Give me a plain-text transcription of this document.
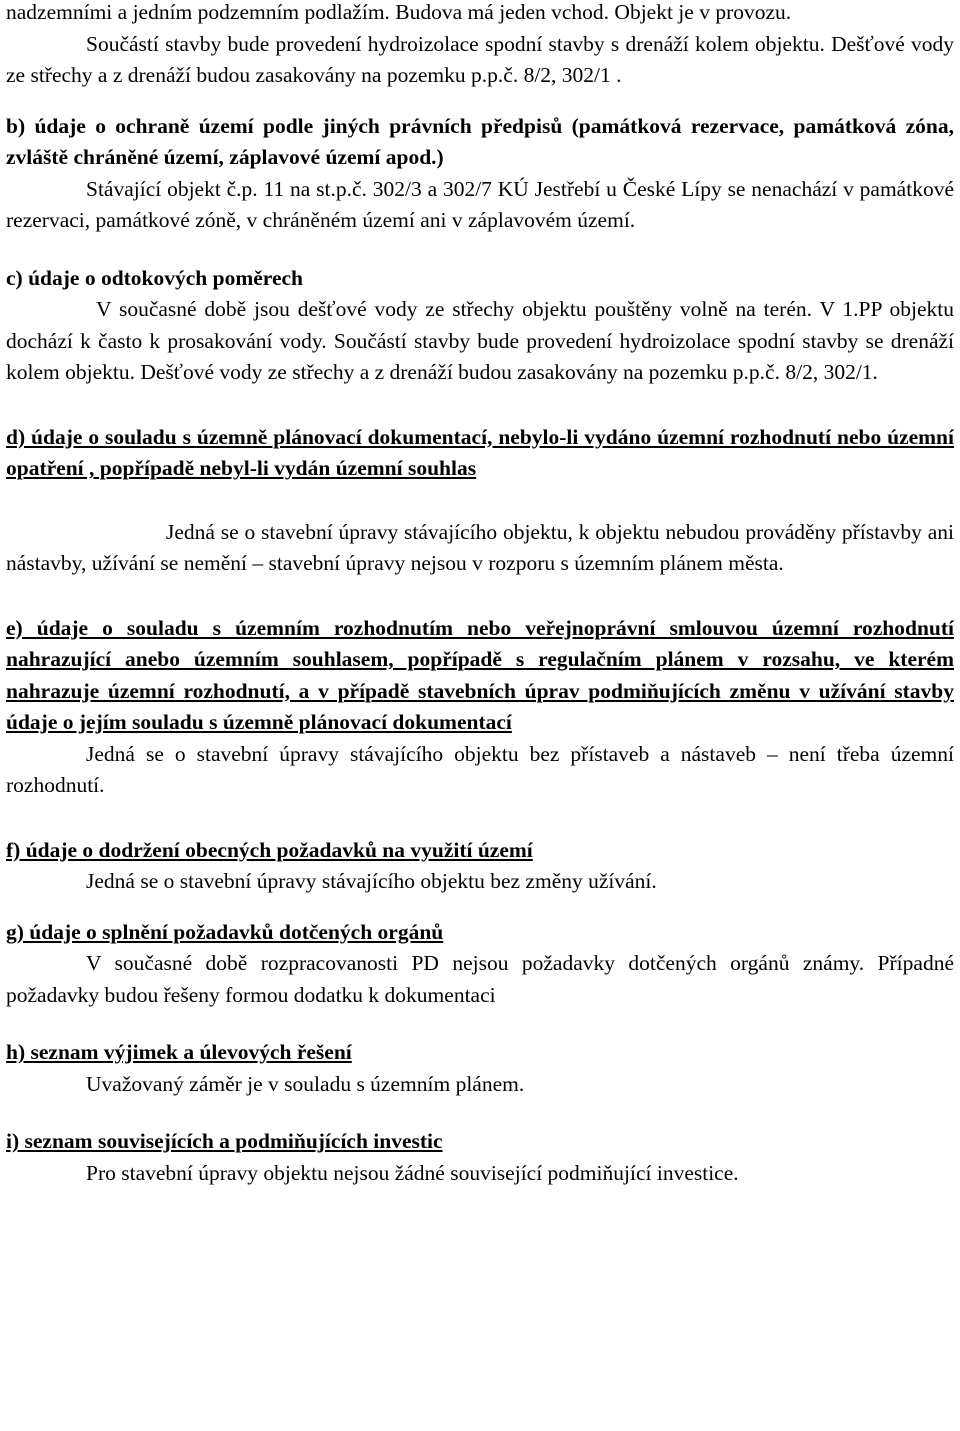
nadzemními a jedním podzemním podlažím. Budova má jeden vchod. Objekt je v provozu.

Součástí stavby bude provedení hydroizolace spodní stavby s drenáží kolem objektu. Dešťové vody ze střechy a z drenáží budou zasakovány na pozemku p.p.č. 8/2, 302/1 .

b) údaje o ochraně území podle jiných právních předpisů (památková rezervace, památková zóna, zvláště chráněné území, záplavové území apod.)

Stávající objekt č.p. 11 na st.p.č. 302/3 a 302/7 KÚ Jestřebí u České Lípy se nenachází v památkové rezervaci, památkové zóně, v chráněném území ani v záplavovém území.

c) údaje o odtokových poměrech

V současné době jsou dešťové vody ze střechy objektu pouštěny volně na terén. V 1.PP objektu dochází k často k prosakování vody. Součástí stavby bude provedení hydroizolace spodní stavby se drenáží kolem objektu. Dešťové vody ze střechy a z drenáží budou zasakovány na pozemku p.p.č. 8/2, 302/1.

d) údaje o souladu s územně plánovací dokumentací, nebylo-li vydáno územní rozhodnutí nebo územní opatření , popřípadě nebyl-li vydán územní souhlas

Jedná se o stavební úpravy stávajícího objektu, k objektu nebudou prováděny přístavby ani nástavby, užívání se nemění – stavební úpravy nejsou v rozporu s územním plánem města.

e) údaje o souladu s územním rozhodnutím nebo veřejnoprávní smlouvou územní rozhodnutí nahrazující anebo územním souhlasem, popřípadě s regulačním plánem v rozsahu, ve kterém nahrazuje územní rozhodnutí, a v případě stavebních úprav podmiňujících změnu v užívání stavby údaje o jejím souladu s územně plánovací dokumentací

Jedná se o stavební úpravy stávajícího objektu bez přístaveb a nástaveb – není třeba územní rozhodnutí.

f) údaje o dodržení obecných požadavků na využití území

Jedná se o stavební úpravy stávajícího objektu bez změny užívání.

g) údaje o splnění požadavků dotčených orgánů

V současné době rozpracovanosti PD nejsou požadavky dotčených orgánů známy. Případné požadavky budou řešeny formou dodatku k dokumentaci

h) seznam výjimek a úlevových řešení

Uvažovaný záměr je v souladu s územním plánem.

i) seznam souvisejících a podmiňujících investic

Pro stavební úpravy objektu nejsou žádné související podmiňující investice.
